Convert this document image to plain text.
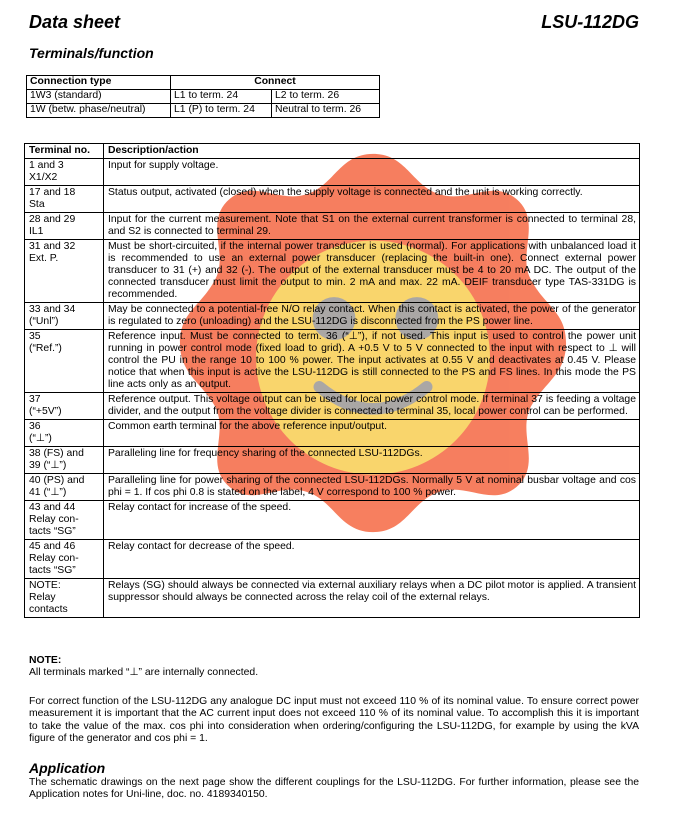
Data sheet	LSU-112DG
Terminals/function
Connection type	Connect	
1W3 (standard)	L1 to term. 24	L2 to term. 26
1W (betw. phase/neutral)	L1 (P) to term. 24	Neutral to term. 26
Terminal no.	Description/action

1 and 3
X1/X2	Input for supply voltage.

17 and 18
Sta	Status output, activated (closed) when the supply voltage is connected and the unit is working correctly.

28 and 29
IL1	Input for the current measurement. Note that S1 on the external current transformer is connected to terminal 28, and S2 is connected to terminal 29.

31 and 32
Ext. P.	Must be short-circuited, if the internal power transducer is used (normal). For applications with unbalanced load it is recommended to use an external power transducer (replacing the built-in one). Connect external power transducer to 31 (+) and 32 (-). The output of the external transducer must be 4 to 20 mA DC. The output of the connected transducer must limit the output to min. 2 mA and max. 22 mA. DEIF transducer type TAS-331DG is recommended.

33 and 34
(“Unl”)	May be connected to a potential-free N/O relay contact. When this contact is activated, the power of the generator is regulated to zero (unloading) and the LSU-112DG is disconnected from the PS power line.

35
(“Ref.”)	Reference input. Must be connected to term. 36 (“⊥”), if not used. This input is used to control the power unit running in power control mode (fixed load to grid). A +0.5 V to 5 V connected to the input with respect to ⊥ will control the PU in the range 10 to 100 % power. The input activates at 0.55 V and deactivates at 0.45 V. Please notice that when this input is active the LSU-112DG is still connected to the PS and FS lines. In this mode the PS line acts only as an output.

37
(“+5V”)	Reference output. This voltage output can be used for local power control mode. If terminal 37 is feeding a voltage divider, and the output from the voltage divider is connected to terminal 35, local power control can be performed.

36
(“⊥”)	Common earth terminal for the above reference input/output.

38 (FS) and
39 (“⊥”)	Paralleling line for frequency sharing of the connected LSU-112DGs.

40 (PS) and
41 (“⊥”)	Paralleling line for power sharing of the connected LSU-112DGs. Normally 5 V at nominal busbar voltage and cos phi = 1. If cos phi 0.8 is stated on the label, 4 V correspond to 100 % power.

43 and 44
Relay con-
tacts “SG”	Relay contact for increase of the speed.

45 and 46
Relay con-
tacts “SG”	Relay contact for decrease of the speed.

NOTE:
Relay
contacts	Relays (SG) should always be connected via external auxiliary relays when a DC pilot motor is applied. A transient suppressor should always be connected across the relay coil of the external relays.
NOTE:
All terminals marked “⊥” are internally connected.
For correct function of the LSU-112DG any analogue DC input must not exceed 110 % of its nominal value. To ensure correct power measurement it is important that the AC current input does not exceed 110 % of its nominal value. To accomplish this it is important to take the value of the max. cos phi into consideration when ordering/configuring the LSU-112DG, for example by using the kVA figure of the generator and cos phi = 1.
Application
The schematic drawings on the next page show the different couplings for the LSU-112DG. For further information, please see the Application notes for Uni-line, doc. no. 4189340150.
